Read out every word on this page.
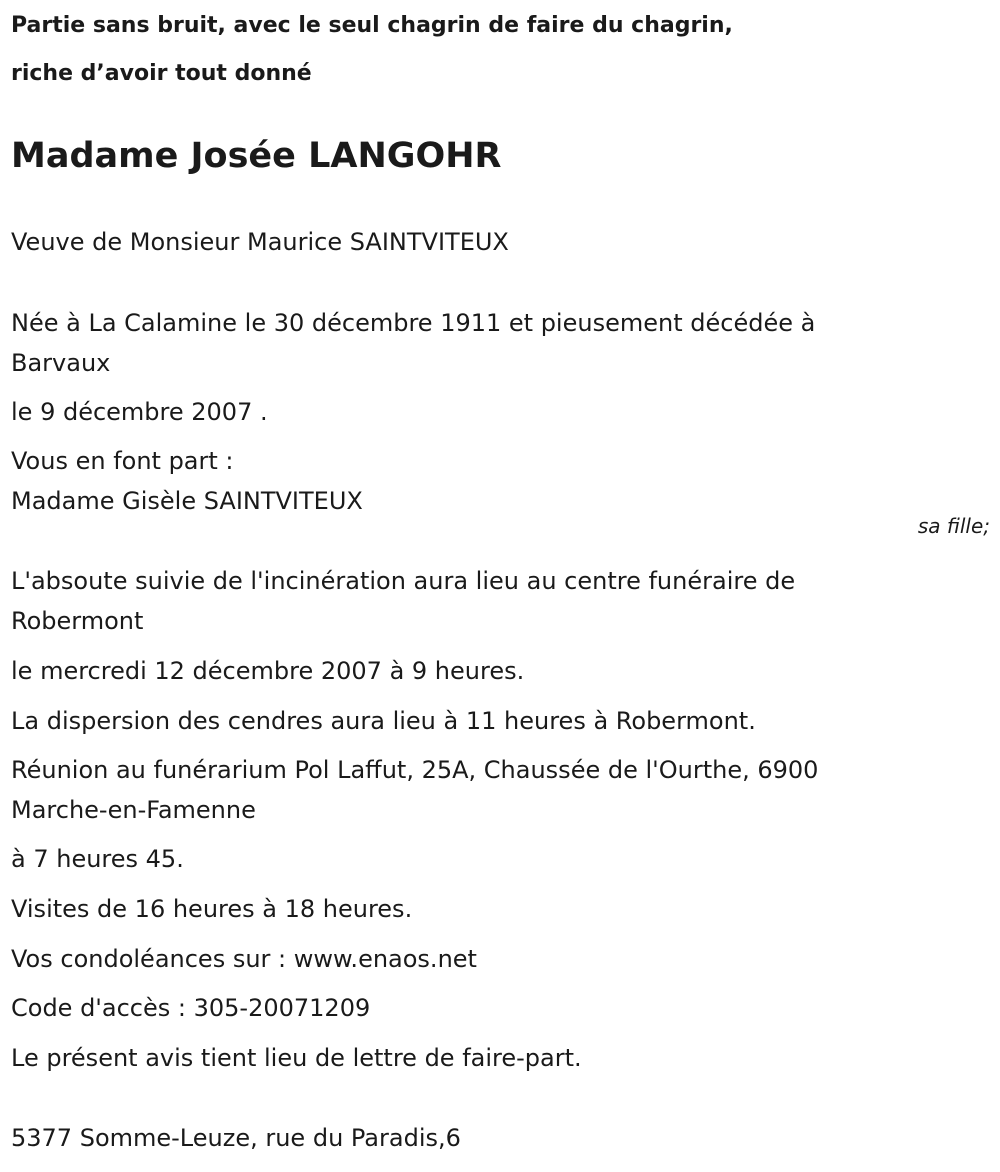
Partie sans bruit, avec le seul chagrin de faire du chagrin,
riche d’avoir tout donné
Madame Josée LANGOHR
Veuve de Monsieur Maurice SAINTVITEUX
Née à La Calamine le 30 décembre 1911 et pieusement décédée à
Barvaux
le 9 décembre 2007 .
Vous en font part :
Madame Gisèle SAINTVITEUX
sa fille;
L'absoute suivie de l'incinération aura lieu au centre funéraire de
Robermont
le mercredi 12 décembre 2007 à 9 heures.
La dispersion des cendres aura lieu à 11 heures à Robermont.
Réunion au funérarium Pol Laffut, 25A, Chaussée de l'Ourthe, 6900
Marche-en-Famenne
à 7 heures 45.
Visites de 16 heures à 18 heures.
Vos condoléances sur : www.enaos.net
Code d'accès : 305-20071209
Le présent avis tient lieu de lettre de faire-part.
5377 Somme-Leuze, rue du Paradis,6
